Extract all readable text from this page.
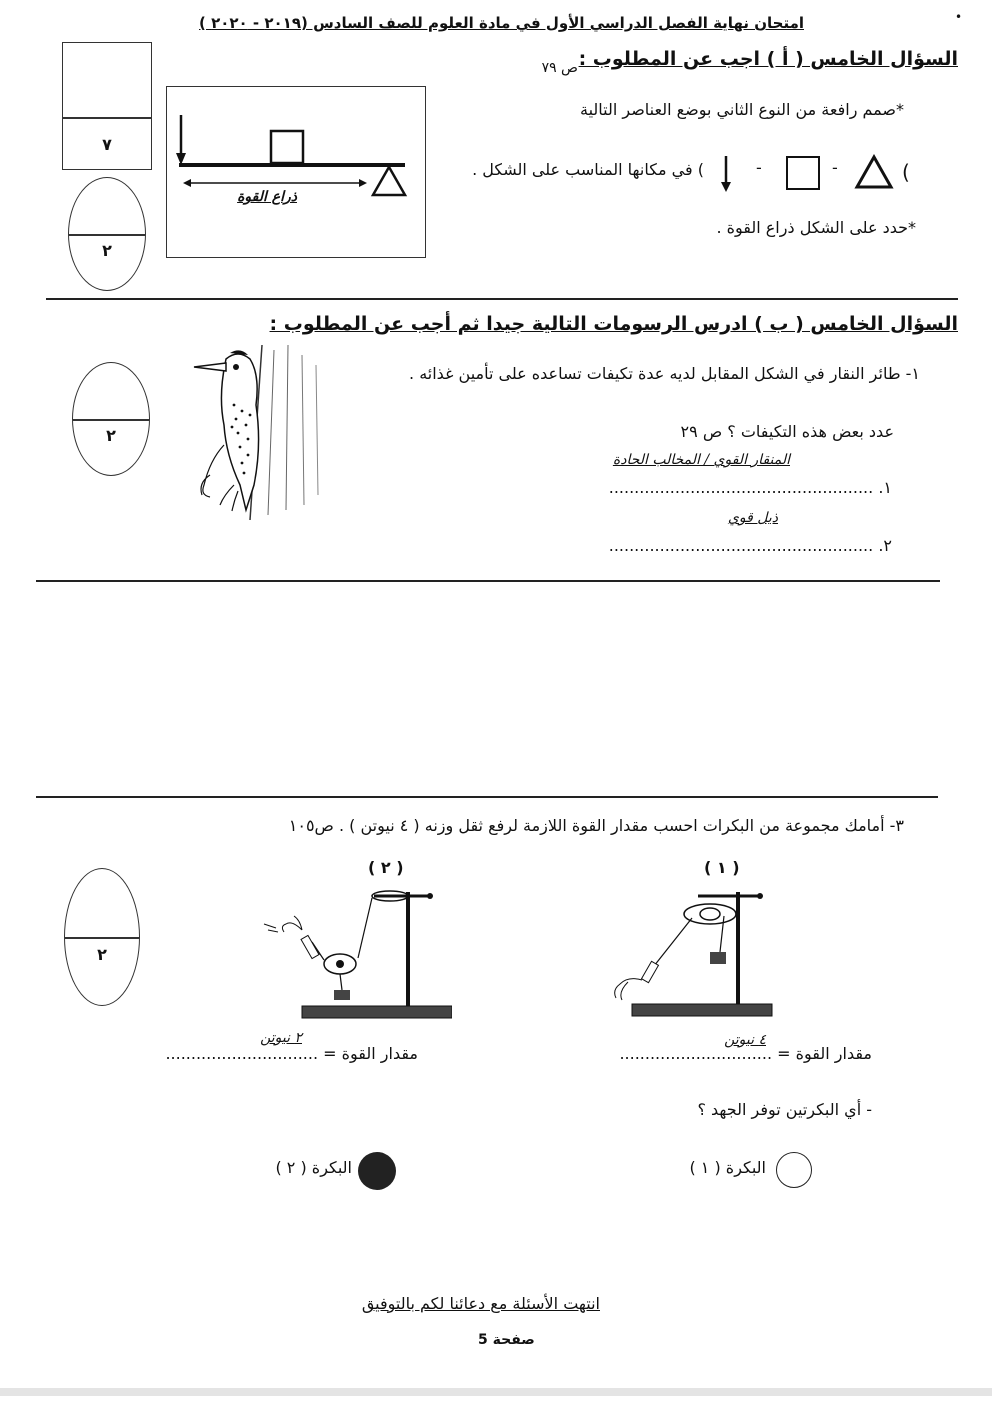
•
امتحان نهاية الفصل الدراسي الأول في مادة العلوم للصف السادس (٢٠١٩ - ٢٠٢٠ )
٧
٢
ذراع القوة
السؤال الخامس ( أ ) اجب عن المطلوب :
ص ٧٩
*صمم رافعة من النوع الثاني بوضع العناصر التالية
(
-
-
) في مكانها المناسب على الشكل .
*حدد على الشكل ذراع القوة .
السؤال الخامس ( ب ) ادرس الرسومات التالية جيدا ثم أجب عن المطلوب :
٢
١- طائر النقار في الشكل المقابل لديه عدة تكيفات تساعده على تأمين غذائه .
عدد بعض هذه التكيفات ؟ ص ٢٩
المنقار القوي / المخالب الحادة
١. ....................................................
ذيل قوي
٢. ....................................................
٣- أمامك مجموعة من البكرات احسب مقدار القوة اللازمة لرفع ثقل وزنه ( ٤ نيوتن ) . ص١٠٥
٢
( ٢ )	( ١ )
٢ نيوتن
مقدار القوة = ..............................
٤ نيوتن
مقدار القوة = ..............................
- أي البكرتين توفر الجهد ؟
البكرة ( ٢ )	البكرة ( ١ )
انتهت الأسئلة مع دعائنا لكم بالتوفيق
صفحة 5
